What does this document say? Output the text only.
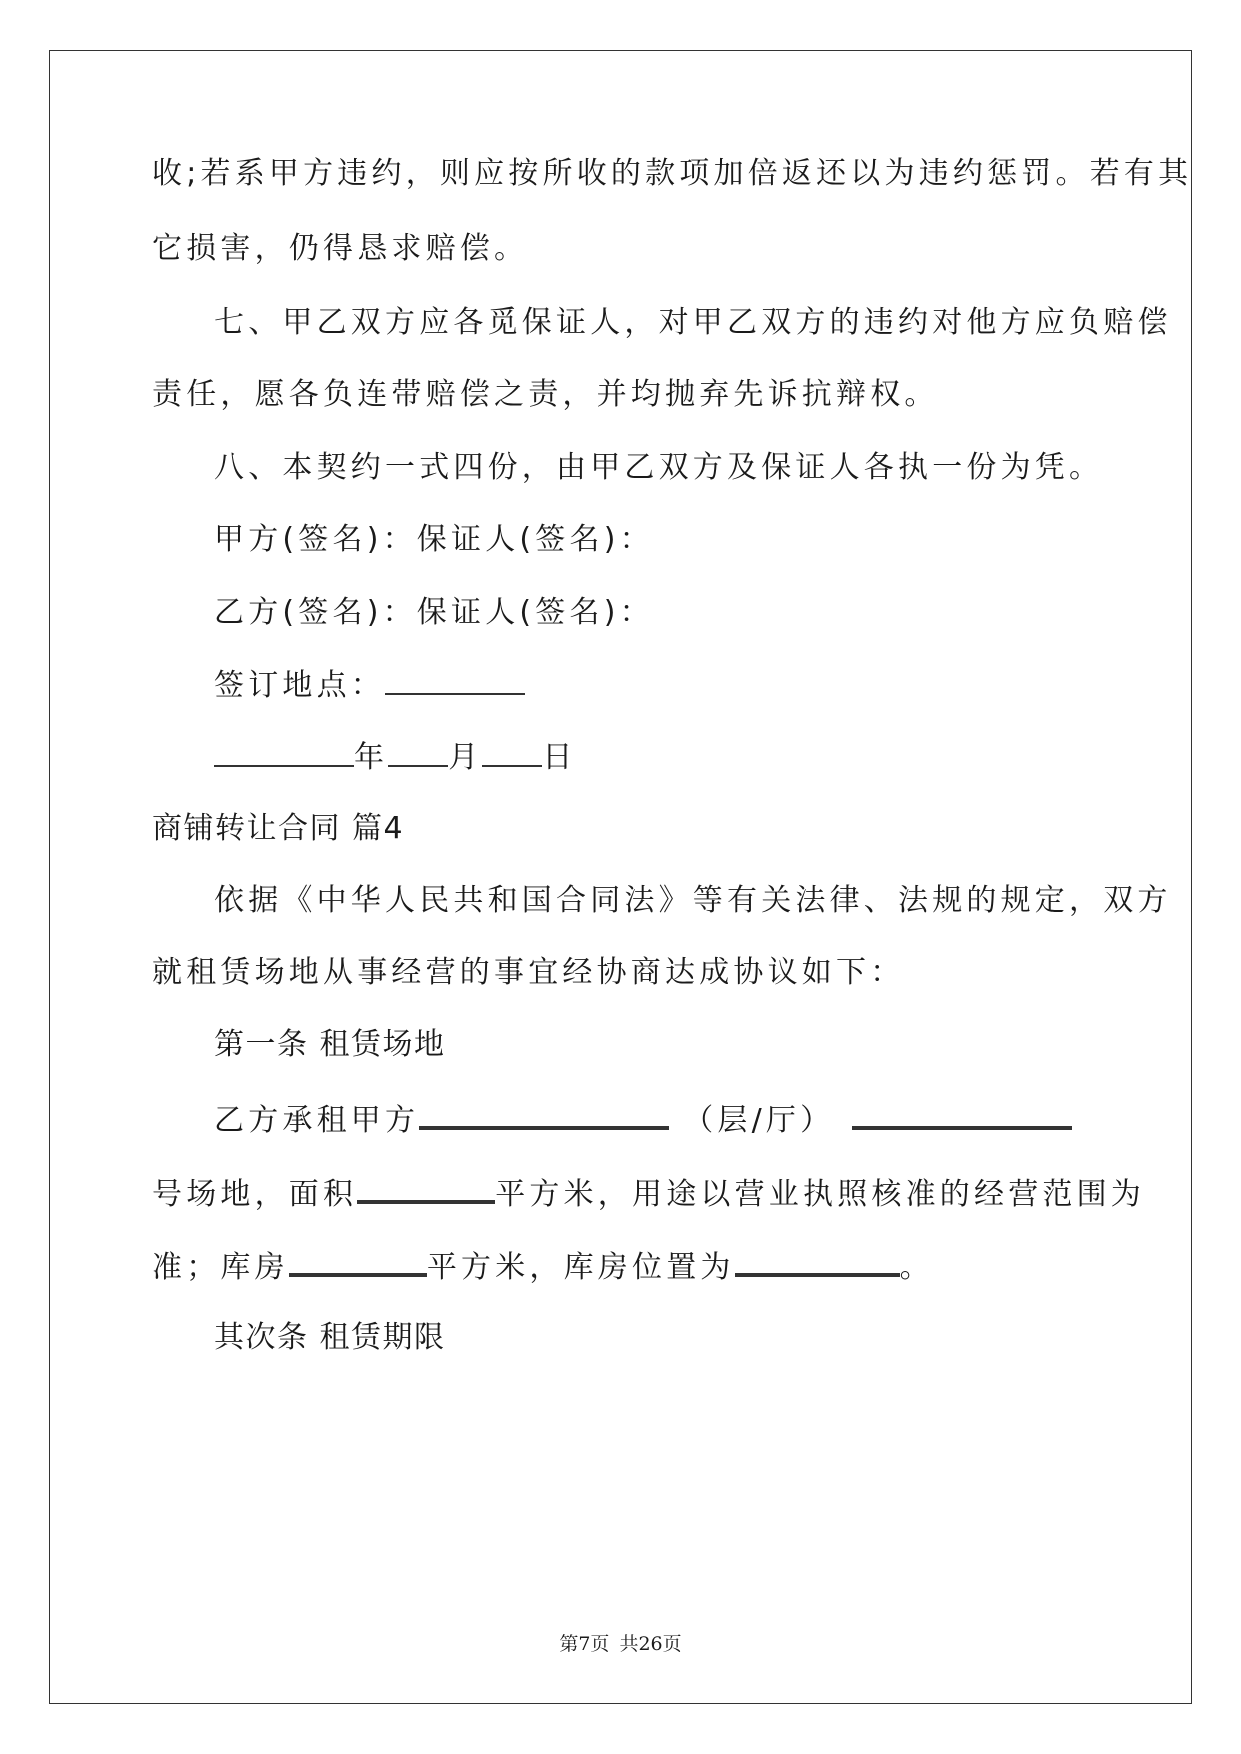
收;若系甲方违约，则应按所收的款项加倍返还以为违约惩罚。若有其
它损害，仍得恳求赔偿。
七、甲乙双方应各觅保证人，对甲乙双方的违约对他方应负赔偿
责任，愿各负连带赔偿之责，并均抛弃先诉抗辩权。
八、本契约一式四份，由甲乙双方及保证人各执一份为凭。
甲方(签名)：保证人(签名)：
乙方(签名)：保证人(签名)：
签订地点：
年 月 日
商铺转让合同 篇4
依据《中华人民共和国合同法》等有关法律、法规的规定，双方
就租赁场地从事经营的事宜经协商达成协议如下：
第一条 租赁场地
乙方承租甲方	（层/厅）
号场地，面积	平方米，用途以营业执照核准的经营范围为
准；库房	平方米，库房位置为	。
其次条 租赁期限
第7页 共26页
